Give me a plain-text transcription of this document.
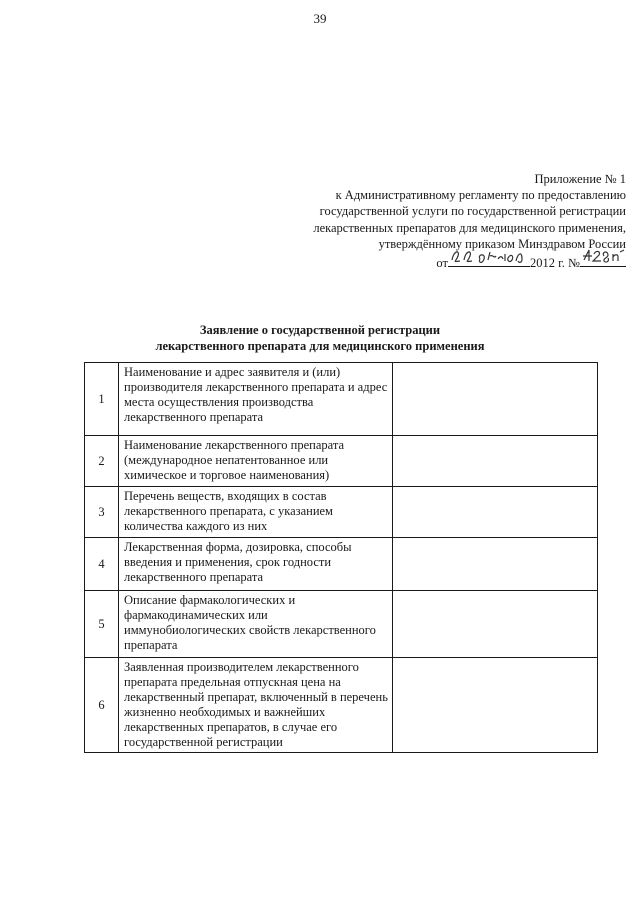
39
Приложение № 1
к Административному регламенту по предоставлению
государственной услуги по государственной регистрации
лекарственных препаратов для медицинского применения,
утверждённому приказом Минздравом России
от	2012 г. №
Заявление о государственной регистрации
лекарственного препарата для медицинского применения
1	Наименование и адрес заявителя и (или) производителя лекарственного препарата и адрес места осуществления производства лекарственного препарата	
2	Наименование лекарственного препарата (международное непатентованное или химическое и торговое наименования)	
3	Перечень веществ, входящих в состав лекарственного препарата, с указанием количества каждого из них	
4	Лекарственная форма, дозировка, способы введения и применения, срок годности лекарственного препарата	
5	Описание фармакологических и фармакодинамических или иммунобиологических свойств лекарственного препарата	
6	Заявленная производителем лекарственного препарата предельная отпускная цена на лекарственный препарат, включенный в перечень жизненно необходимых и важнейших лекарственных препаратов, в случае его государственной регистрации	
